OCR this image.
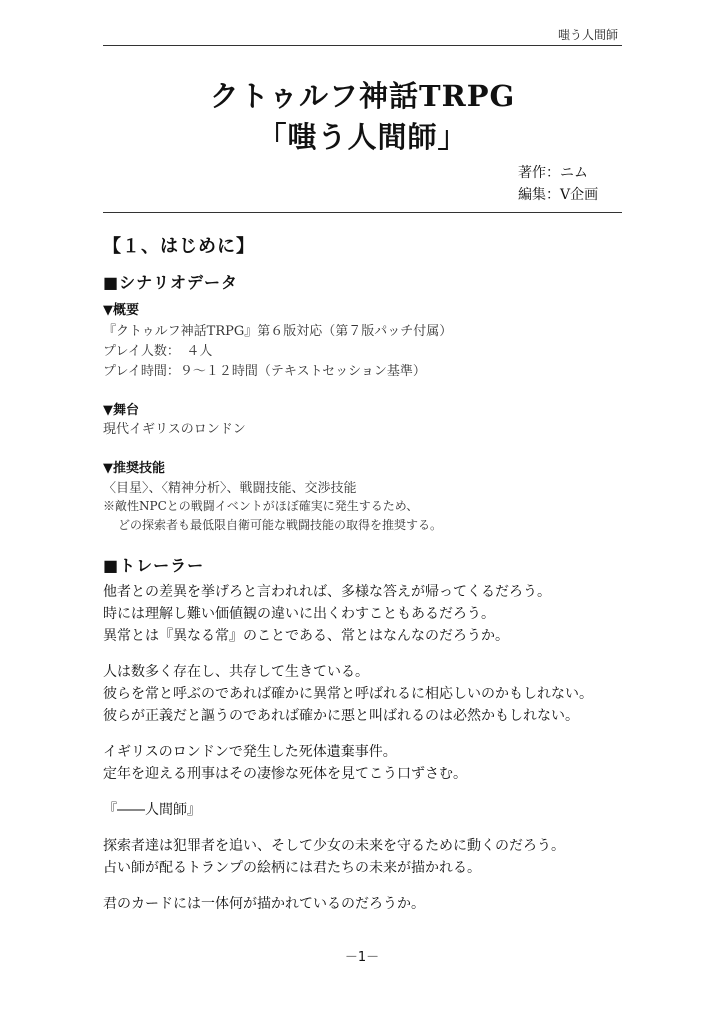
嗤う人間師
クトゥルフ神話TRPG
「嗤う人間師」
著作：ニム
編集：V企画
【１、はじめに】
■シナリオデータ
▼概要
『クトゥルフ神話TRPG』第６版対応（第７版パッチ付属）
プレイ人数：　４人
プレイ時間：９～１２時間（テキストセッション基準）
▼舞台
現代イギリスのロンドン
▼推奨技能
〈目星〉、〈精神分析〉、戦闘技能、交渉技能
※敵性NPCとの戦闘イベントがほぼ確実に発生するため、
どの探索者も最低限自衛可能な戦闘技能の取得を推奨する。
■トレーラー
他者との差異を挙げろと言われれば、多様な答えが帰ってくるだろう。
時には理解し難い価値観の違いに出くわすこともあるだろう。
異常とは『異なる常』のことである、常とはなんなのだろうか。
人は数多く存在し、共存して生きている。
彼らを常と呼ぶのであれば確かに異常と呼ばれるに相応しいのかもしれない。
彼らが正義だと謳うのであれば確かに悪と叫ばれるのは必然かもしれない。
イギリスのロンドンで発生した死体遺棄事件。
定年を迎える刑事はその凄惨な死体を見てこう口ずさむ。
『――人間師』
探索者達は犯罪者を追い、そして少女の未来を守るために動くのだろう。
占い師が配るトランプの絵柄には君たちの未来が描かれる。
君のカードには一体何が描かれているのだろうか。
－1－
